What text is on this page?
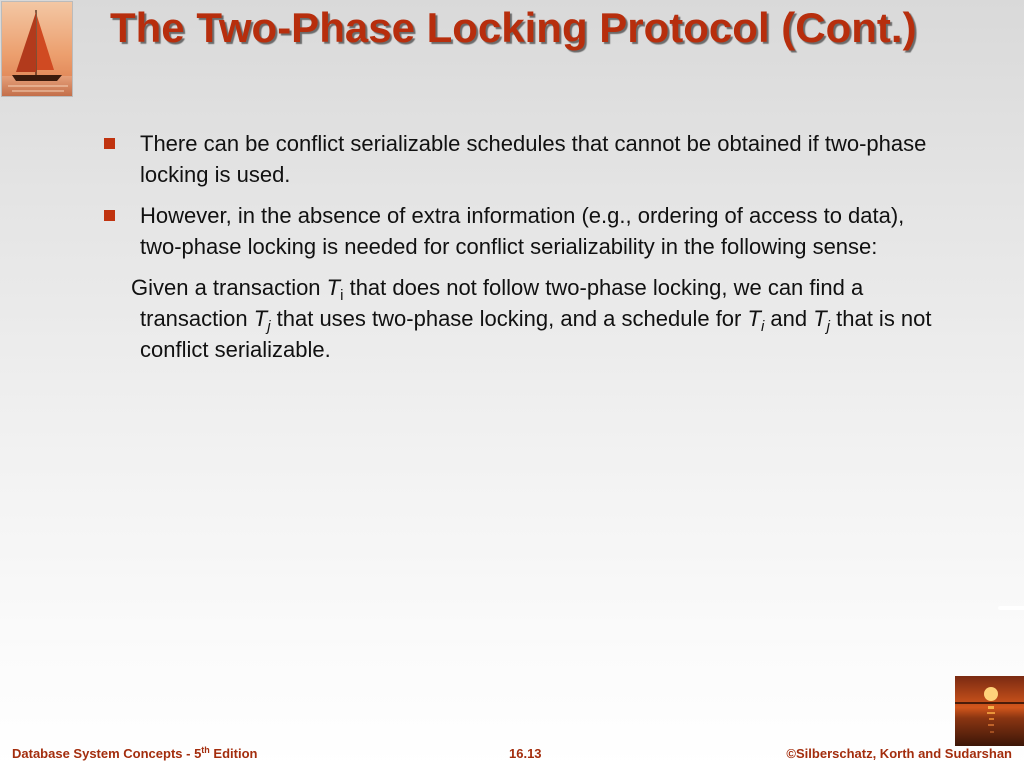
The Two-Phase Locking Protocol (Cont.)
There can be conflict serializable schedules that cannot be obtained if two-phase locking is used.
However, in the absence of extra information (e.g., ordering of access to data), two-phase locking is needed for conflict serializability in the following sense:
Given a transaction $T_i$ that does not follow two-phase locking, we can find a transaction $T_j$ that uses two-phase locking, and a schedule for $T_i$ and $T_j$ that is not conflict serializable.
Database System Concepts - 5th Edition	16.13	©Silberschatz, Korth and Sudarshan
